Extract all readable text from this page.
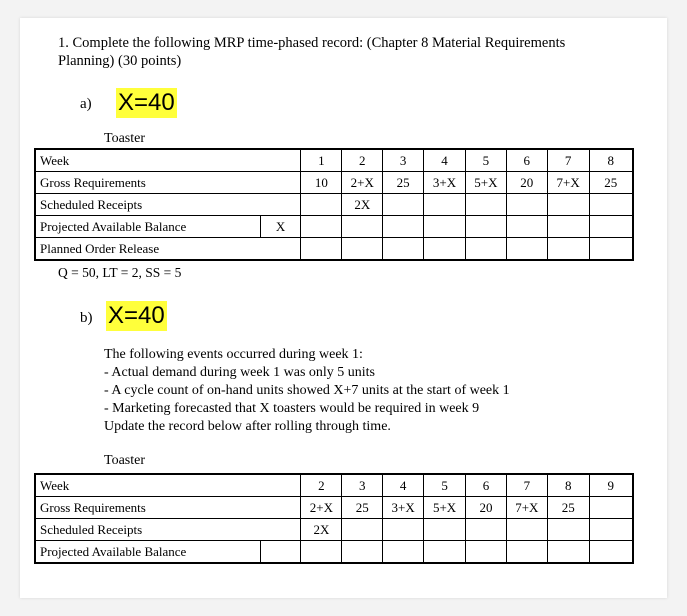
1. Complete the following MRP time-phased record: (Chapter 8 Material Requirements
Planning) (30 points)
a) X=40
Toaster
Week		1	2	3	4	5	6	7	8
Gross Requirements		10	2+X	25	3+X	5+X	20	7+X	25
Scheduled Receipts			2X						
Projected Available Balance	X								
Planned Order Release									
Q = 50, LT = 2, SS = 5
b) X=40
The following events occurred during week 1:
- Actual demand during week 1 was only 5 units
- A cycle count of on-hand units showed X+7 units at the start of week 1
- Marketing forecasted that X toasters would be required in week 9
Update the record below after rolling through time.
Toaster
Week		2	3	4	5	6	7	8	9
Gross Requirements		2+X	25	3+X	5+X	20	7+X	25	
Scheduled Receipts		2X							
Projected Available Balance									
